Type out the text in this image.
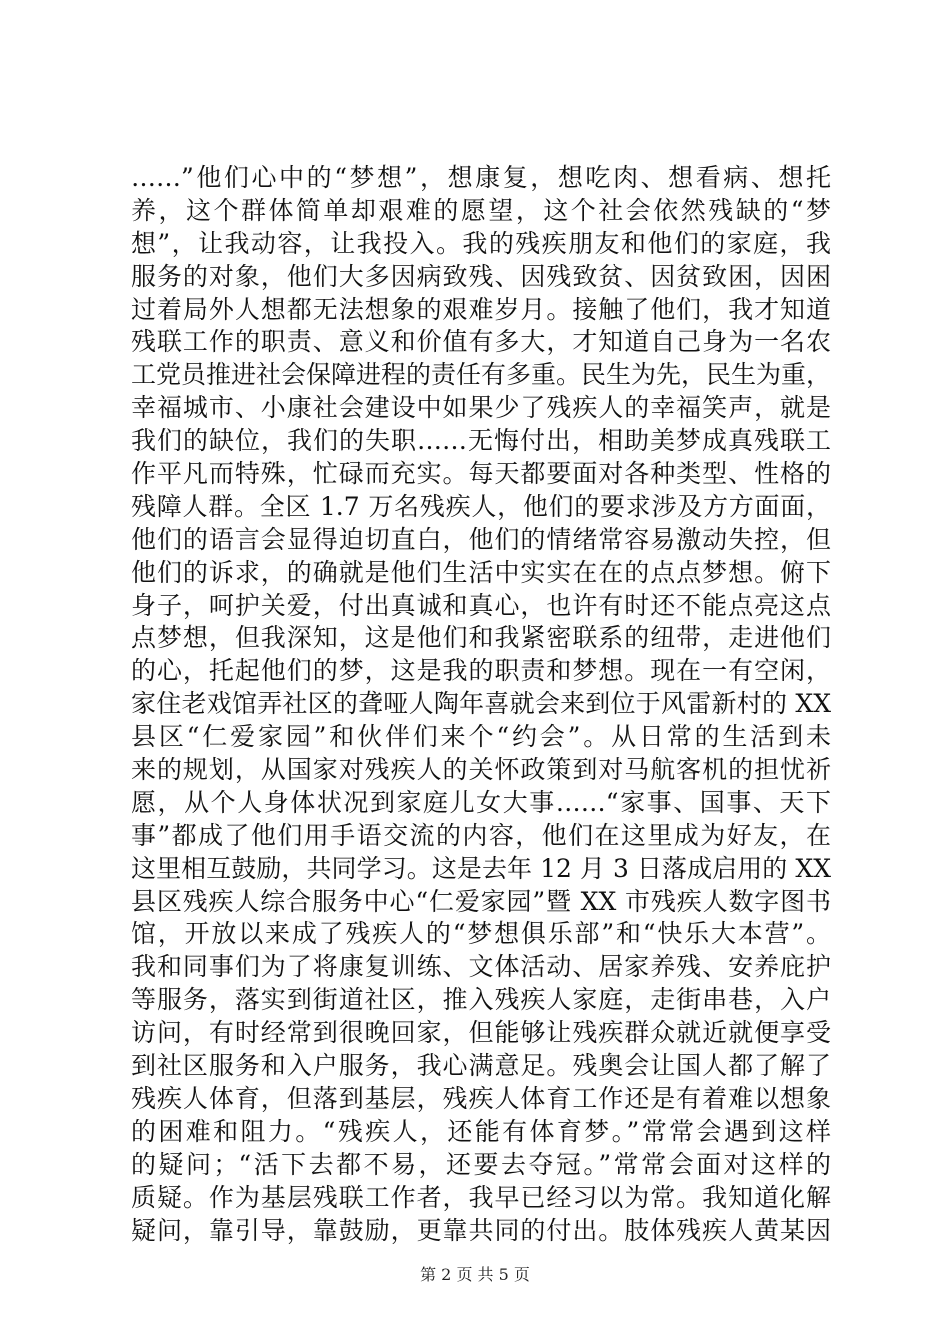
……”他们心中的“梦想”，想康复，想吃肉、想看病、想托
养，这个群体简单却艰难的愿望，这个社会依然残缺的“梦
想”，让我动容，让我投入。我的残疾朋友和他们的家庭，我
服务的对象，他们大多因病致残、因残致贫、因贫致困，因困
过着局外人想都无法想象的艰难岁月。接触了他们，我才知道
残联工作的职责、意义和价值有多大，才知道自己身为一名农
工党员推进社会保障进程的责任有多重。民生为先，民生为重，
幸福城市、小康社会建设中如果少了残疾人的幸福笑声，就是
我们的缺位，我们的失职……无悔付出，相助美梦成真残联工
作平凡而特殊，忙碌而充实。每天都要面对各种类型、性格的
残障人群。全区 1.7 万名残疾人，他们的要求涉及方方面面，
他们的语言会显得迫切直白，他们的情绪常容易激动失控，但
他们的诉求，的确就是他们生活中实实在在的点点梦想。俯下
身子，呵护关爱，付出真诚和真心，也许有时还不能点亮这点
点梦想，但我深知，这是他们和我紧密联系的纽带，走进他们
的心，托起他们的梦，这是我的职责和梦想。现在一有空闲，
家住老戏馆弄社区的聋哑人陶年喜就会来到位于风雷新村的 XX
县区“仁爱家园”和伙伴们来个“约会”。从日常的生活到未
来的规划，从国家对残疾人的关怀政策到对马航客机的担忧祈
愿，从个人身体状况到家庭儿女大事……“家事、国事、天下
事”都成了他们用手语交流的内容，他们在这里成为好友，在
这里相互鼓励，共同学习。这是去年 12 月 3 日落成启用的 XX
县区残疾人综合服务中心“仁爱家园”暨 XX 市残疾人数字图书
馆，开放以来成了残疾人的“梦想俱乐部”和“快乐大本营”。
我和同事们为了将康复训练、文体活动、居家养残、安养庇护
等服务，落实到街道社区，推入残疾人家庭，走街串巷，入户
访问，有时经常到很晚回家，但能够让残疾群众就近就便享受
到社区服务和入户服务，我心满意足。残奥会让国人都了解了
残疾人体育，但落到基层，残疾人体育工作还是有着难以想象
的困难和阻力。“残疾人，还能有体育梦。”常常会遇到这样
的疑问；“活下去都不易，还要去夺冠。”常常会面对这样的
质疑。作为基层残联工作者，我早已经习以为常。我知道化解
疑问，靠引导，靠鼓励，更靠共同的付出。肢体残疾人黄某因
第 2 页 共 5 页
